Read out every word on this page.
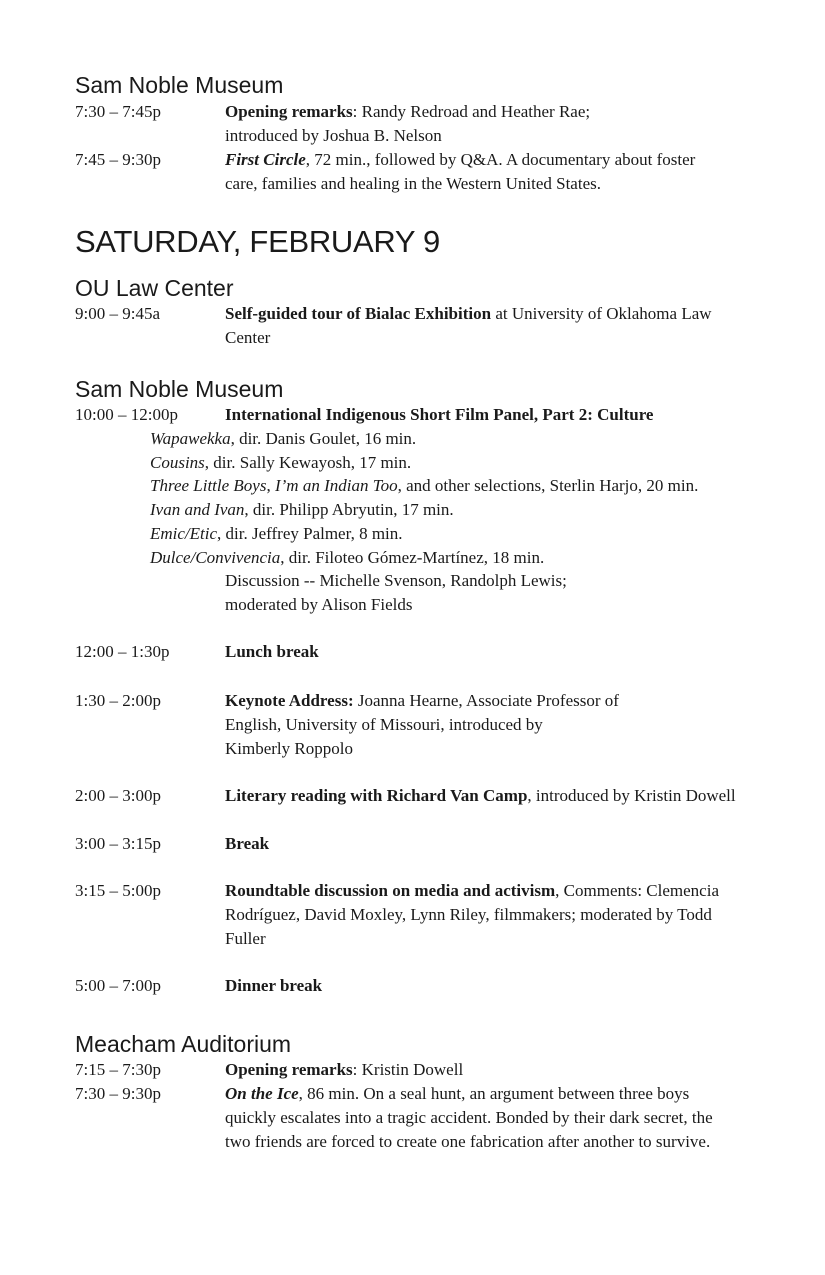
Sam Noble Museum
7:30 – 7:45p	Opening remarks: Randy Redroad and Heather Rae;
introduced by Joshua B. Nelson
7:45 – 9:30p	First Circle, 72 min., followed by Q&A. A documentary about foster
care, families and healing in the Western United States.
SATURDAY, FEBRUARY 9
OU Law Center
9:00 – 9:45a	Self-guided tour of Bialac Exhibition at University of Oklahoma Law
Center
Sam Noble Museum
10:00 – 12:00p	International Indigenous Short Film Panel, Part 2: Culture
Wapawekka, dir. Danis Goulet, 16 min.
Cousins, dir. Sally Kewayosh, 17 min.
Three Little Boys, I’m an Indian Too, and other selections, Sterlin Harjo, 20 min.
Ivan and Ivan, dir. Philipp Abryutin, 17 min.
Emic/Etic, dir. Jeffrey Palmer, 8 min.
Dulce/Convivencia, dir. Filoteo Gómez-Martínez, 18 min.
Discussion -- Michelle Svenson, Randolph Lewis;
moderated by Alison Fields
12:00 – 1:30p	Lunch break
1:30 – 2:00p	Keynote Address: Joanna Hearne, Associate Professor of
English, University of Missouri, introduced by
Kimberly Roppolo
2:00 – 3:00p	Literary reading with Richard Van Camp, introduced by Kristin Dowell
3:00 – 3:15p	Break
3:15 – 5:00p	Roundtable discussion on media and activism, Comments: Clemencia
Rodríguez, David Moxley, Lynn Riley, filmmakers; moderated by Todd
Fuller
5:00 – 7:00p	Dinner break
Meacham Auditorium
7:15 – 7:30p	Opening remarks: Kristin Dowell
7:30 – 9:30p	On the Ice, 86 min. On a seal hunt, an argument between three boys
quickly escalates into a tragic accident. Bonded by their dark secret, the
two friends are forced to create one fabrication after another to survive.
